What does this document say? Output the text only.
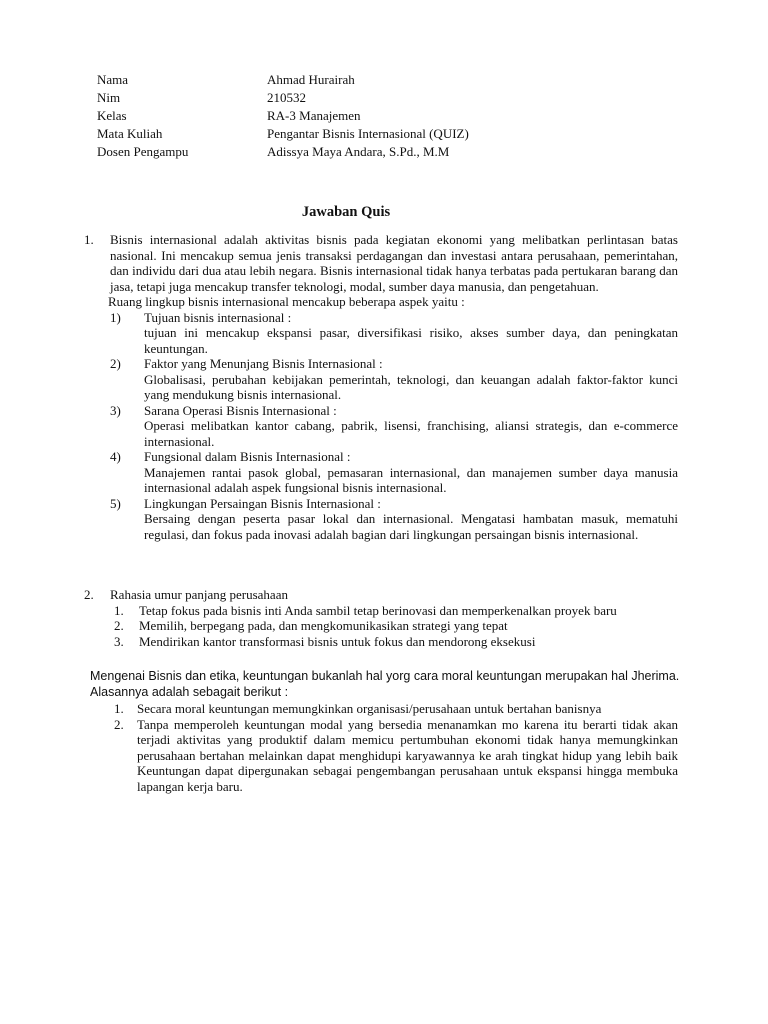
Nama	Ahmad Hurairah
Nim	210532
Kelas	RA-3 Manajemen
Mata Kuliah	Pengantar Bisnis Internasional (QUIZ)
Dosen Pengampu	Adissya Maya Andara, S.Pd., M.M
Jawaban Quis
1.	Bisnis internasional adalah aktivitas bisnis pada kegiatan ekonomi yang melibatkan perlintasan batas nasional. Ini mencakup semua jenis transaksi perdagangan dan investasi antara perusahaan, pemerintahan, dan individu dari dua atau lebih negara. Bisnis internasional tidak hanya terbatas pada pertukaran barang dan jasa, tetapi juga mencakup transfer teknologi, modal, sumber daya manusia, dan pengetahuan.

Ruang lingkup bisnis internasional mencakup beberapa aspek yaitu :

1)	Tujuan bisnis internasional :

tujuan ini mencakup ekspansi pasar, diversifikasi risiko, akses sumber daya, dan peningkatan keuntungan.

2)	Faktor yang Menunjang Bisnis Internasional :

Globalisasi, perubahan kebijakan pemerintah, teknologi, dan keuangan adalah faktor-faktor kunci yang mendukung bisnis internasional.

3)	Sarana Operasi Bisnis Internasional :

Operasi melibatkan kantor cabang, pabrik, lisensi, franchising, aliansi strategis, dan e-commerce internasional.

4)	Fungsional dalam Bisnis Internasional :

Manajemen rantai pasok global, pemasaran internasional, dan manajemen sumber daya manusia internasional adalah aspek fungsional bisnis internasional.

5)	Lingkungan Persaingan Bisnis Internasional :

Bersaing dengan peserta pasar lokal dan internasional. Mengatasi hambatan masuk, mematuhi regulasi, dan fokus pada inovasi adalah bagian dari lingkungan persaingan bisnis internasional.

2.	Rahasia umur panjang perusahaan

1.	Tetap fokus pada bisnis inti Anda sambil tetap berinovasi dan memperkenalkan proyek baru

2.	Memilih, berpegang pada, dan mengkomunikasikan strategi yang tepat

3.	Mendirikan kantor transformasi bisnis untuk fokus dan mendorong eksekusi

Mengenai Bisnis dan etika, keuntungan bukanlah hal yorg cara moral keuntungan merupakan hal Jherima.

Alasannya adalah sebagait berikut :

1.	Secara moral keuntungan memungkinkan organisasi/perusahaan untuk bertahan banisnya

2.	Tanpa memperoleh keuntungan modal yang bersedia menanamkan mo karena itu berarti tidak akan terjadi aktivitas yang produktif dalam memicu pertumbuhan ekonomi tidak hanya memungkinkan perusahaan bertahan melainkan dapat menghidupi karyawannya ke arah tingkat hidup yang lebih baik Keuntungan dapat dipergunakan sebagai pengembangan perusahaan untuk ekspansi hingga membuka lapangan kerja baru.
